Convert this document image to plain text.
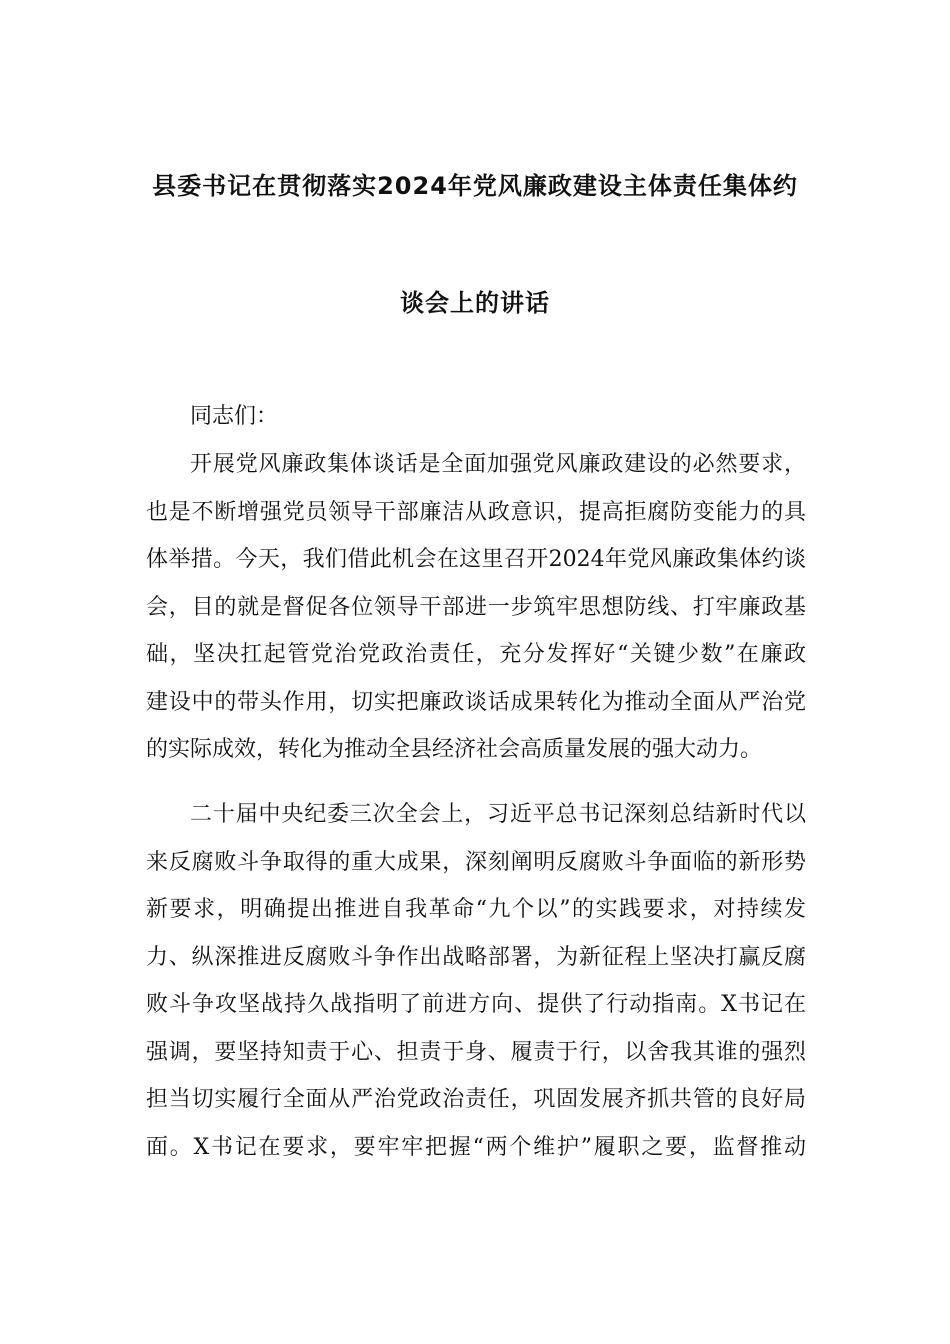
县委书记在贯彻落实2024年党风廉政建设主体责任集体约
谈会上的讲话
同志们：
开展党风廉政集体谈话是全面加强党风廉政建设的必然要求，
也是不断增强党员领导干部廉洁从政意识，提高拒腐防变能力的具
体举措。今天，我们借此机会在这里召开2024年党风廉政集体约谈
会，目的就是督促各位领导干部进一步筑牢思想防线、打牢廉政基
础，坚决扛起管党治党政治责任，充分发挥好“关键少数”在廉政
建设中的带头作用，切实把廉政谈话成果转化为推动全面从严治党
的实际成效，转化为推动全县经济社会高质量发展的强大动力。
二十届中央纪委三次全会上，习近平总书记深刻总结新时代以
来反腐败斗争取得的重大成果，深刻阐明反腐败斗争面临的新形势
新要求，明确提出推进自我革命“九个以”的实践要求，对持续发
力、纵深推进反腐败斗争作出战略部署，为新征程上坚决打赢反腐
败斗争攻坚战持久战指明了前进方向、提供了行动指南。X书记在
强调，要坚持知责于心、担责于身、履责于行，以舍我其谁的强烈
担当切实履行全面从严治党政治责任，巩固发展齐抓共管的良好局
面。X书记在要求，要牢牢把握“两个维护”履职之要，监督推动
